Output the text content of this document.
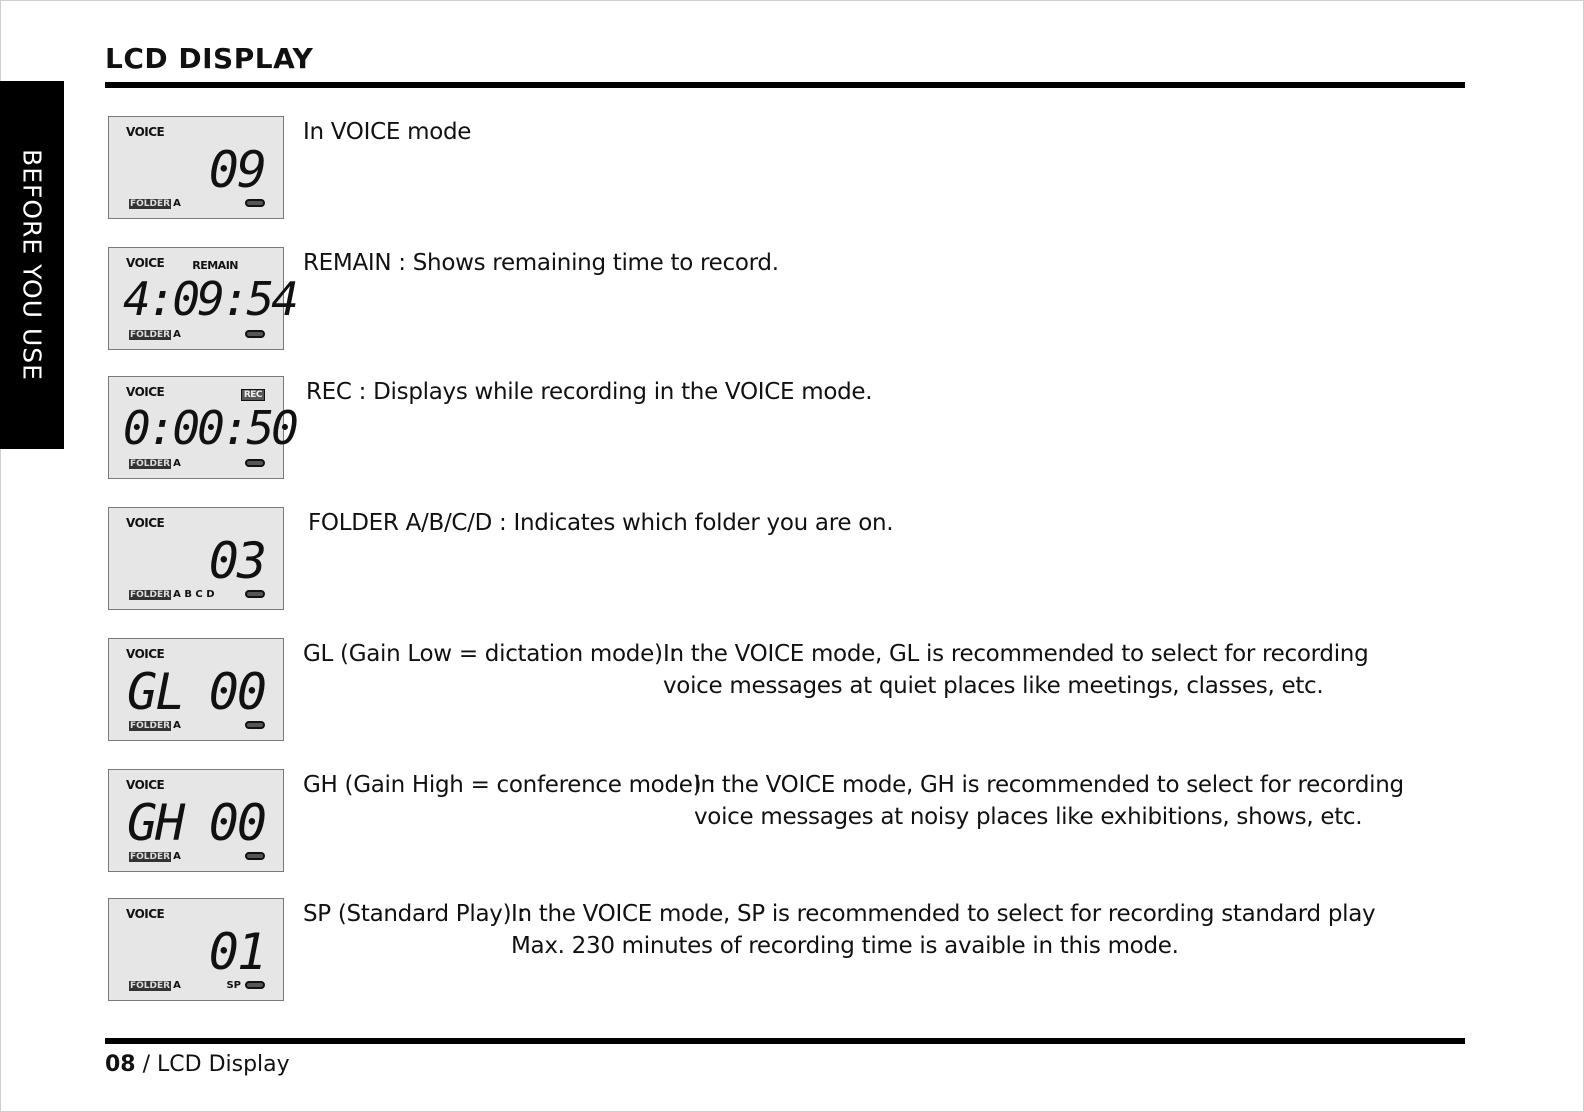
BEFORE YOU USE
LCD DISPLAY
VOICE
09
FOLDER A
In VOICE mode
VOICE	REMAIN
4:09:54
FOLDER A
REMAIN : Shows remaining time to record.
VOICE	REC
0:00:50
FOLDER A
REC : Displays while recording in the VOICE mode.
VOICE
03
FOLDER A B C D
FOLDER A/B/C/D : Indicates which folder you are on.
VOICE
GL 00
FOLDER A
GL (Gain Low = dictation mode) :
In the VOICE mode, GL is recommended to select for recording
voice messages at quiet places like meetings, classes, etc.
VOICE
GH 00
FOLDER A
GH (Gain High = conference mode) :
In the VOICE mode, GH is recommended to select for recording
voice messages at noisy places like exhibitions, shows, etc.
VOICE
01
FOLDER A	SP
SP (Standard Play) :
In the VOICE mode, SP is recommended to select for recording standard play
Max. 230 minutes of recording time is avaible in this mode.
08 / LCD Display
